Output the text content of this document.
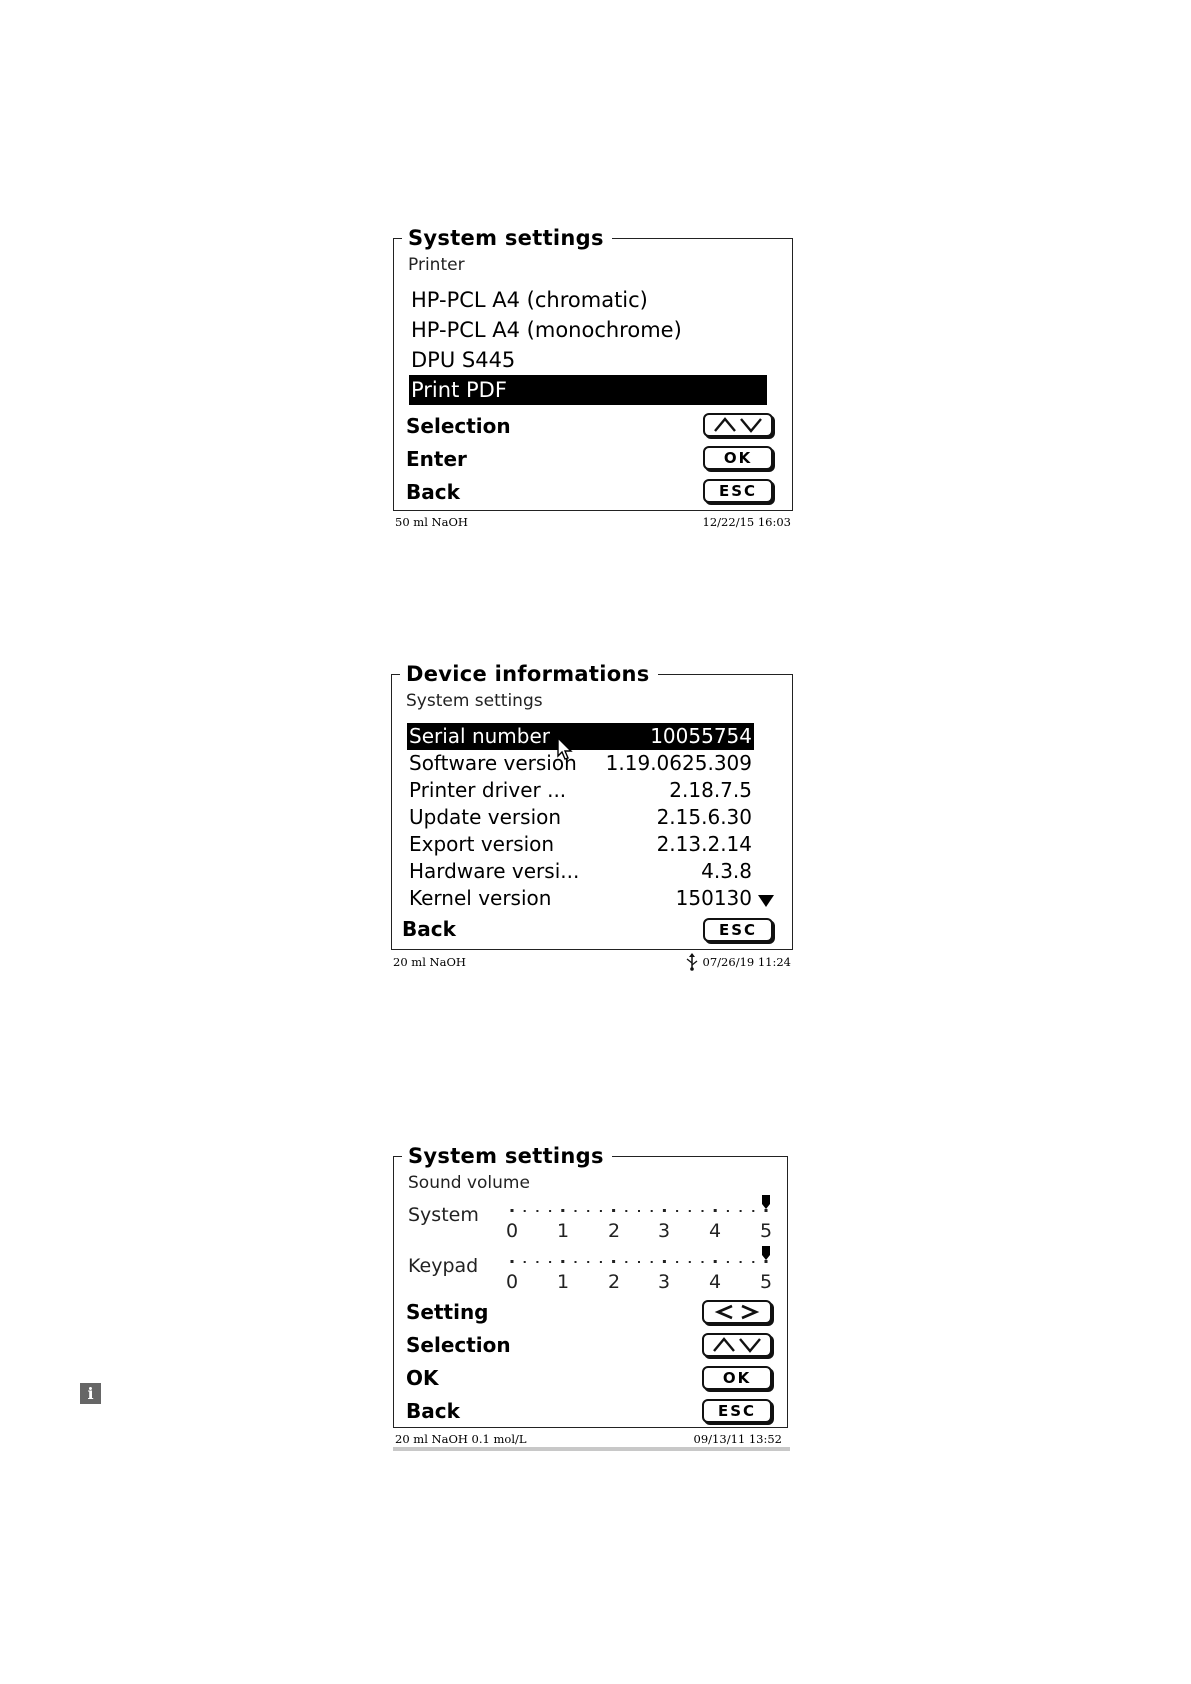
System settings
Printer
HP-PCL A4 (chromatic)
HP-PCL A4 (monochrome)
DPU S445
Print PDF
Selection
Enter	OK
Back	ESC
50 ml NaOH	12/22/15 16:03
Device informations
System settings
Serial number	10055754
Software version 1.19.0625.309
Printer driver ...	2.18.7.5
Update version	2.15.6.30
Export version	2.13.2.14
Hardware versi...	4.3.8
Kernel version	150130
Back	ESC
20 ml NaOH	07/26/19 11:24
System settings
Sound volume
System
0 1 2 3 4 5
Keypad
0 1 2 3 4 5
Setting
Selection
OK	OK
Back	ESC
20 ml NaOH 0.1 mol/L	09/13/11 13:52
i
